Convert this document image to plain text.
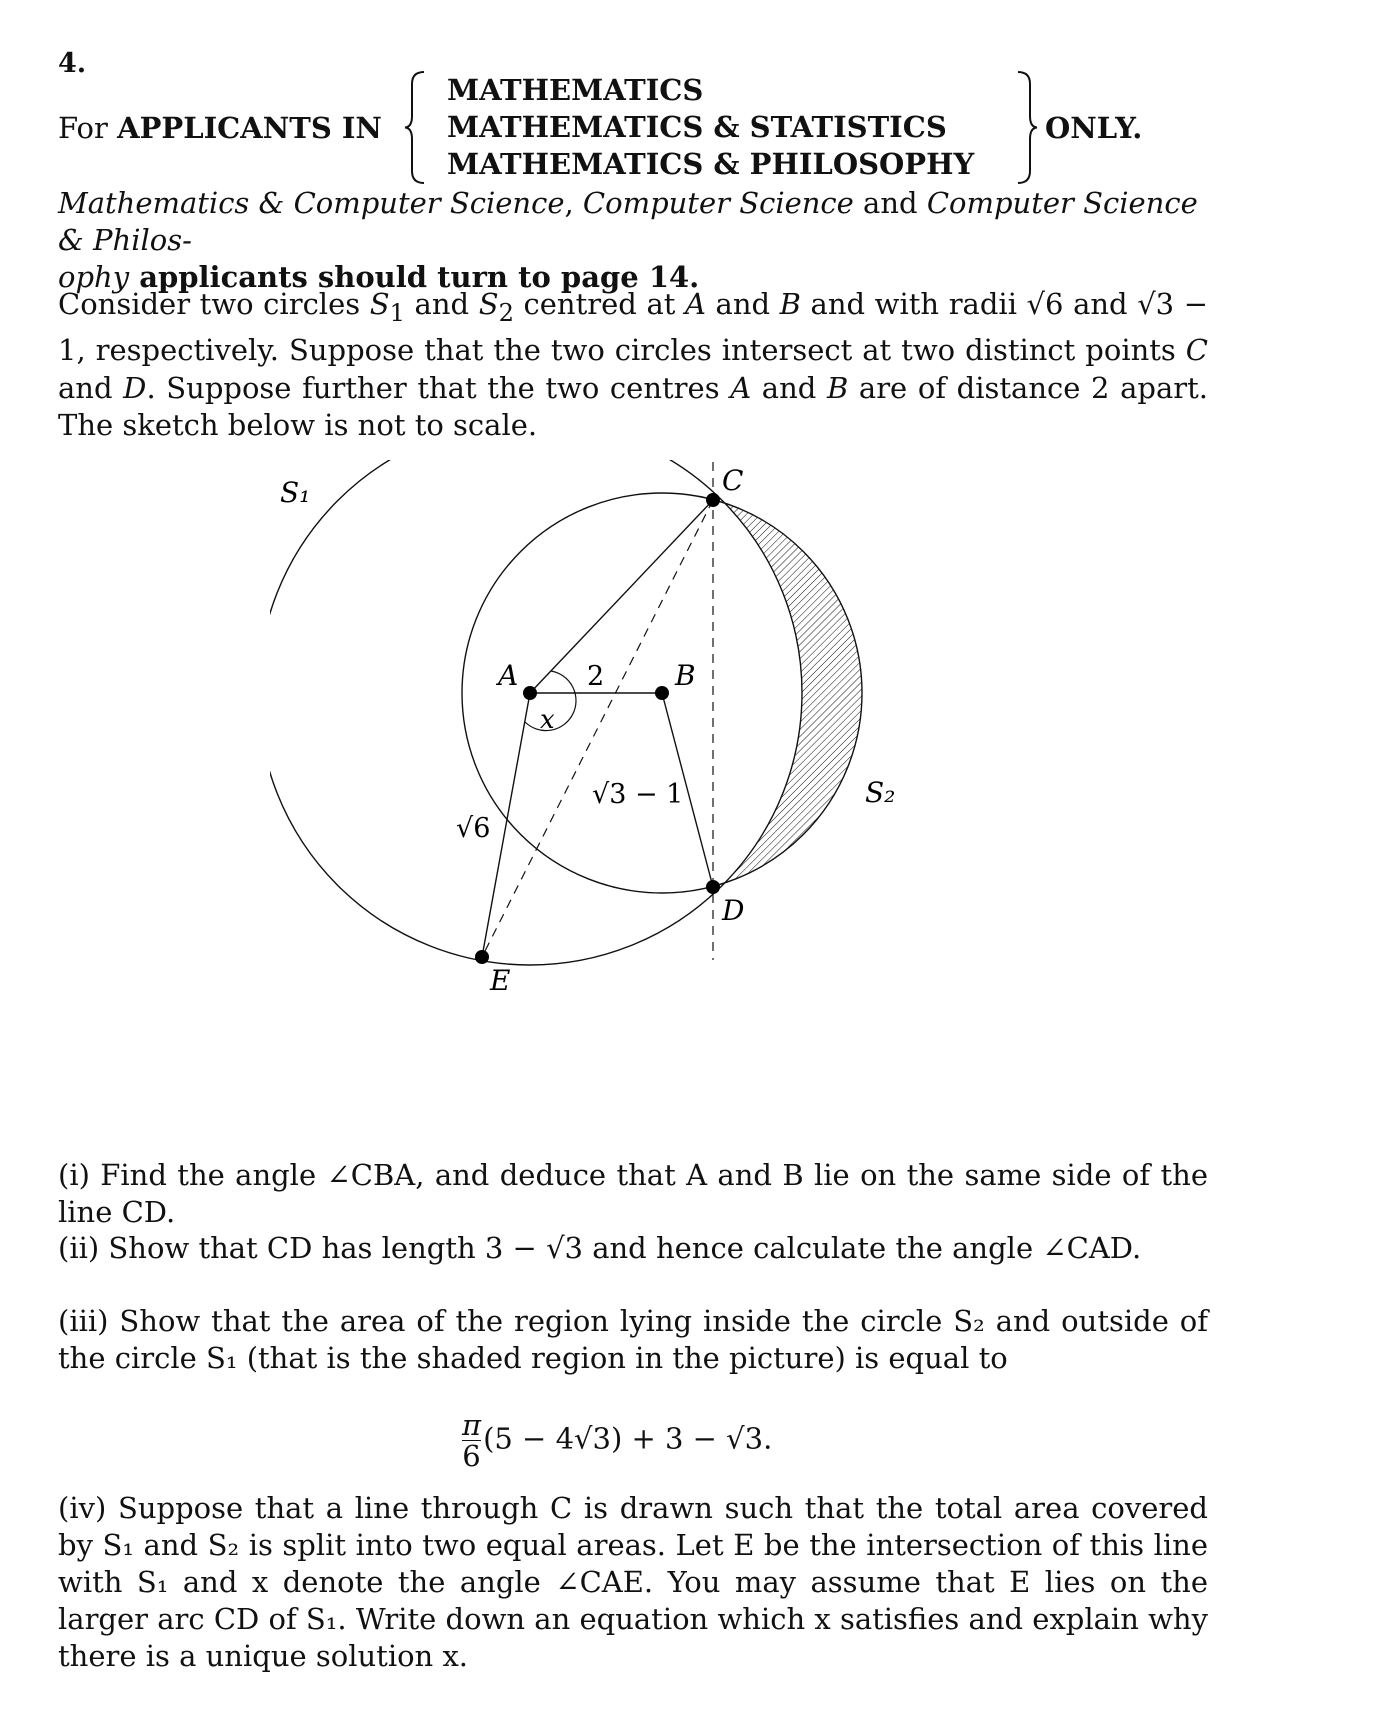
4.
For APPLICANTS IN
MATHEMATICS
MATHEMATICS & STATISTICS
MATHEMATICS & PHILOSOPHY
ONLY.
Mathematics & Computer Science, Computer Science and Computer Science & Philos-
ophy applicants should turn to page 14.
Consider two circles $S_1$ and $S_2$ centred at A and B and with radii √6 and √3 − 1, respectively. Suppose that the two circles intersect at two distinct points C and D. Suppose further that the two centres A and B are of distance 2 apart. The sketch below is not to scale.
S₁
S₂
A	B
C
D
E
x
2
√6
√3 − 1
(i) Find the angle ∠CBA, and deduce that A and B lie on the same side of the line CD.
(ii) Show that CD has length 3 − √3 and hence calculate the angle ∠CAD.
(iii) Show that the area of the region lying inside the circle S₂ and outside of the circle S₁ (that is the shaded region in the picture) is equal to
$\frac{\pi}{6} (5 - 4√3) + 3 - √3$.
(iv) Suppose that a line through C is drawn such that the total area covered by S₁ and S₂ is split into two equal areas. Let E be the intersection of this line with S₁ and x denote the angle ∠CAE. You may assume that E lies on the larger arc CD of S₁. Write down an equation which x satisfies and explain why there is a unique solution x.
